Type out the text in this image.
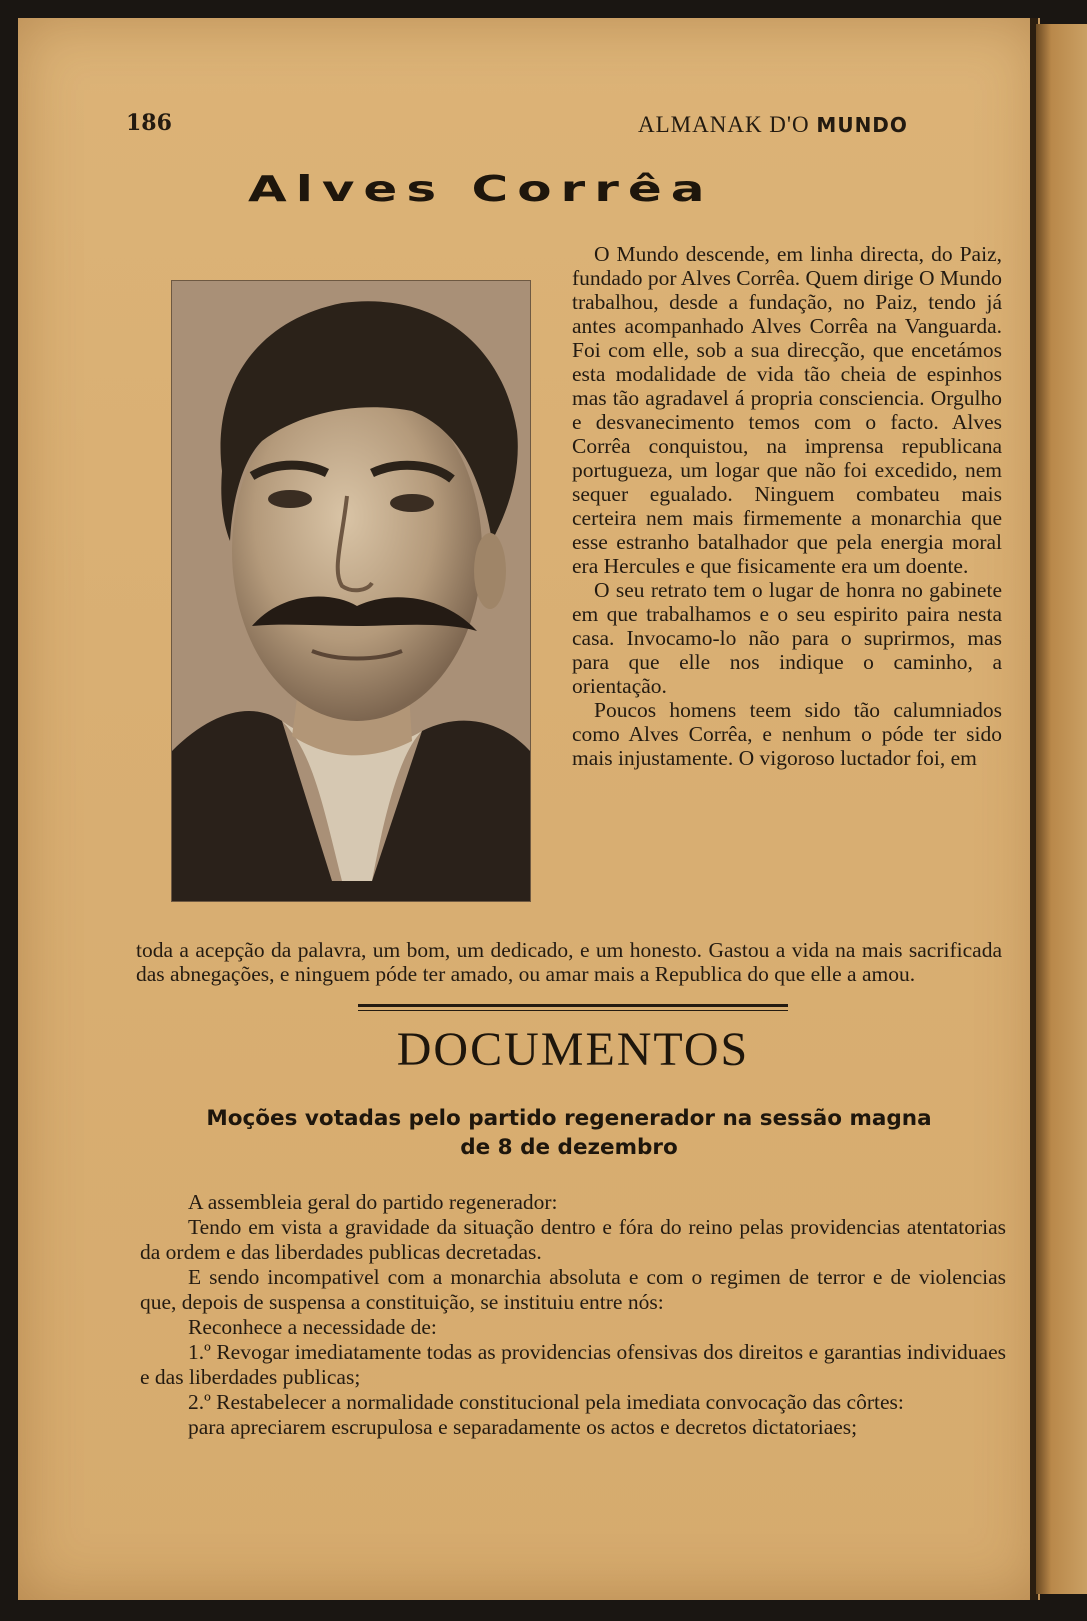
186	ALMANAK D'O MUNDO
Alves Corrêa

O Mundo descende, em linha directa, do Paiz, fundado por Alves Corrêa. Quem dirige O Mundo trabalhou, desde a fundação, no Paiz, tendo já antes acompanhado Alves Corrêa na Vanguarda. Foi com elle, sob a sua direcção, que encetámos esta modalidade de vida tão cheia de espinhos mas tão agradavel á propria consciencia. Orgulho e desvanecimento temos com o facto. Alves Corrêa conquistou, na imprensa republicana portugueza, um logar que não foi excedido, nem sequer egualado. Ninguem combateu mais certeira nem mais firmemente a monarchia que esse estranho batalhador que pela energia moral era Hercules e que fisicamente era um doente.

O seu retrato tem o lugar de honra no gabinete em que trabalhamos e o seu espirito paira nesta casa. Invocamo-lo não para o suprirmos, mas para que elle nos indique o caminho, a orientação.

Poucos homens teem sido tão calumniados como Alves Corrêa, e nenhum o póde ter sido mais injustamente. O vigoroso luctador foi, em

toda a acepção da palavra, um bom, um dedicado, e um honesto. Gastou a vida na mais sacrificada das abnegações, e ninguem póde ter amado, ou amar mais a Republica do que elle a amou.

DOCUMENTOS
Moções votadas pelo partido regenerador na sessão magna
de 8 de dezembro

A assembleia geral do partido regenerador:

Tendo em vista a gravidade da situação dentro e fóra do reino pelas providencias atentatorias da ordem e das liberdades publicas decretadas.

E sendo incompativel com a monarchia absoluta e com o regimen de terror e de violencias que, depois de suspensa a constituição, se instituiu entre nós:

Reconhece a necessidade de:

1.º Revogar imediatamente todas as providencias ofensivas dos direitos e garantias individuaes e das liberdades publicas;

2.º Restabelecer a normalidade constitucional pela imediata convocação das côrtes:

para apreciarem escrupulosa e separadamente os actos e decretos dictatoriaes;
